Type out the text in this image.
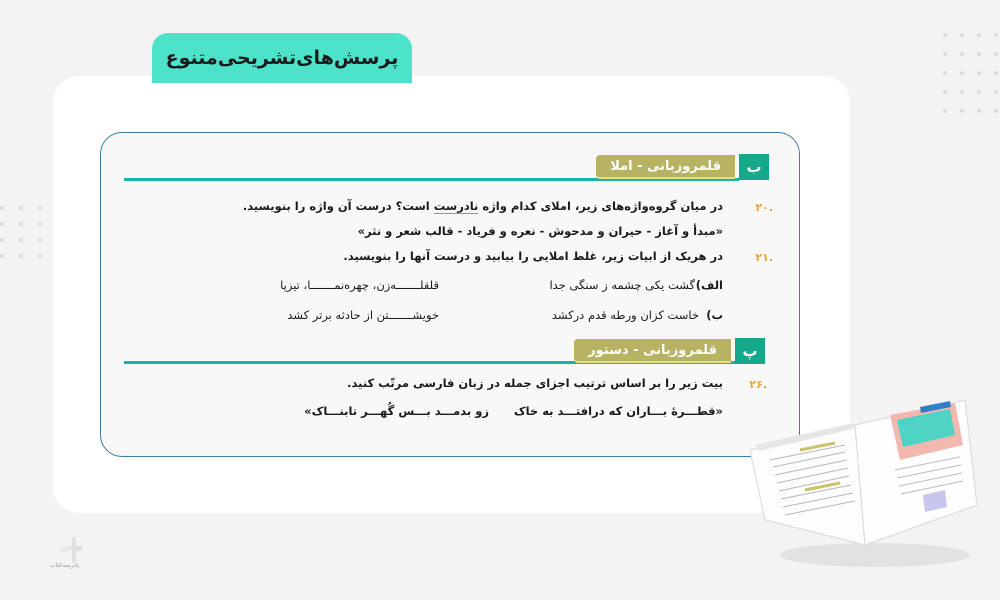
پرسش‌های‌تشریحی‌متنوع
ب
قلمروزبانی - املا
.۲۰
در میان گروه‌واژه‌های زیر، املای کدام واژه نادرست است؟ درست آن واژه را بنویسید.
«مبدأ و آغاز - حیران و مدحوش - نعره و فریاد - قالب شعر و نثر»
.۲۱
در هریک از ابیات زیر، غلط املایی را بیابید و درست آنها را بنویسید.
الف)
گشت یکی چشمه ز سنگی جدا
قلقلـــــــه‌زن، چهره‌نمـــــــا، تیزپا
ب)
خاست کزان ورطه قدم درکشد
خویشـــــــتن از حادثه برتر کشد
پ
قلمروزبانی - دستور
.۲۶
بیت زیر را بر اساس ترتیب اجزای جمله در زبان فارسی مرتّب کنید.
«قطـــرهٔ بـــاران که درافتـــد به خاک
زو بدمـــد بـــس گُهـــر تابنـــاک»
پادرسه‌کتاب
